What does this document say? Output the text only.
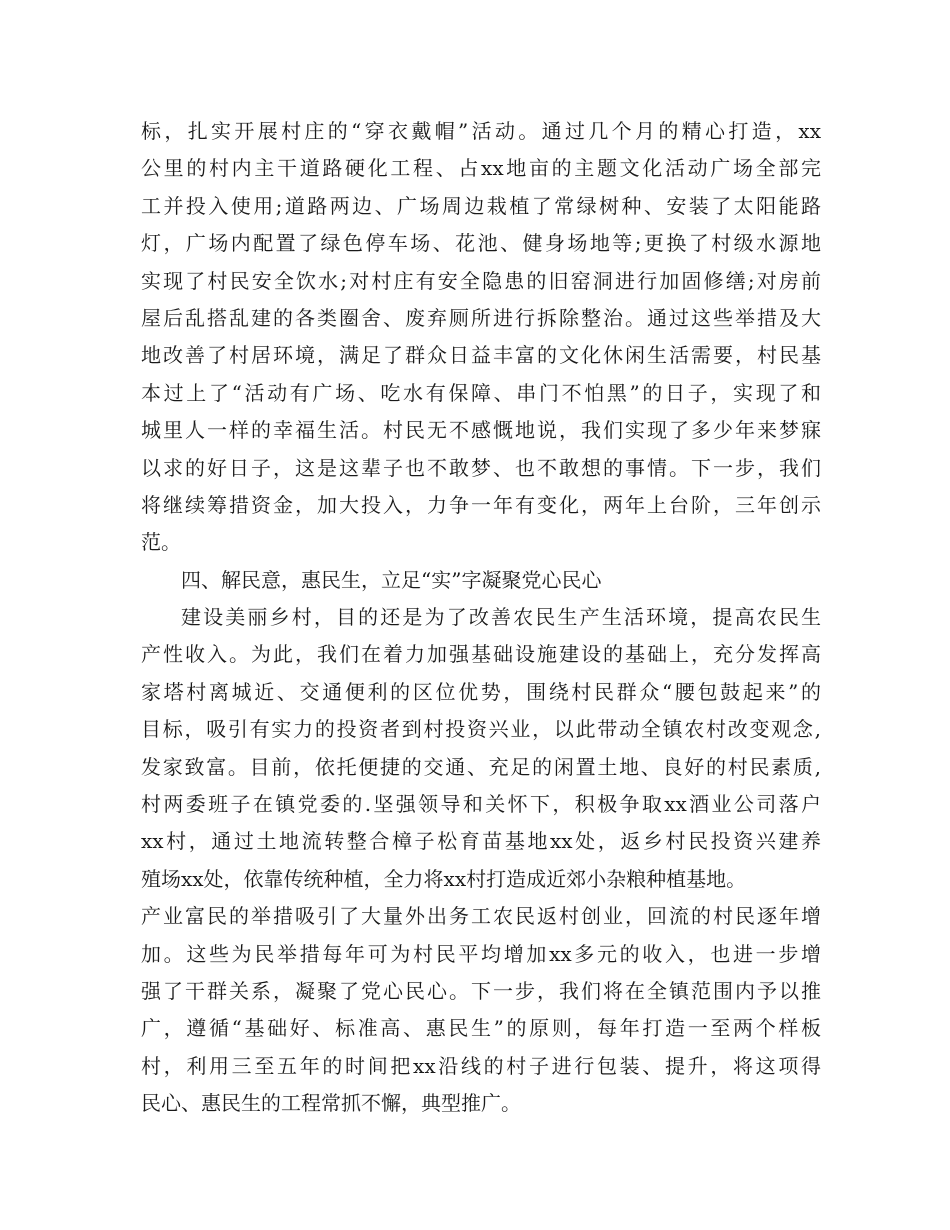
标，扎实开展村庄的“穿衣戴帽”活动。通过几个月的精心打造，xx
公里的村内主干道路硬化工程、占xx地亩的主题文化活动广场全部完
工并投入使用;道路两边、广场周边栽植了常绿树种、安装了太阳能路
灯，广场内配置了绿色停车场、花池、健身场地等;更换了村级水源地
实现了村民安全饮水;对村庄有安全隐患的旧窑洞进行加固修缮;对房前
屋后乱搭乱建的各类圈舍、废弃厕所进行拆除整治。通过这些举措及大
地改善了村居环境，满足了群众日益丰富的文化休闲生活需要，村民基
本过上了“活动有广场、吃水有保障、串门不怕黑”的日子，实现了和
城里人一样的幸福生活。村民无不感慨地说，我们实现了多少年来梦寐
以求的好日子，这是这辈子也不敢梦、也不敢想的事情。下一步，我们
将继续筹措资金，加大投入，力争一年有变化，两年上台阶，三年创示
范。
四、解民意，惠民生，立足“实”字凝聚党心民心
建设美丽乡村，目的还是为了改善农民生产生活环境，提高农民生
产性收入。为此，我们在着力加强基础设施建设的基础上，充分发挥高
家塔村离城近、交通便利的区位优势，围绕村民群众“腰包鼓起来”的
目标，吸引有实力的投资者到村投资兴业，以此带动全镇农村改变观念,
发家致富。目前，依托便捷的交通、充足的闲置土地、良好的村民素质,
村两委班子在镇党委的.坚强领导和关怀下，积极争取xx酒业公司落户
xx村，通过土地流转整合樟子松育苗基地xx处，返乡村民投资兴建养
殖场xx处，依靠传统种植，全力将xx村打造成近郊小杂粮种植基地。
产业富民的举措吸引了大量外出务工农民返村创业，回流的村民逐年增
加。这些为民举措每年可为村民平均增加xx多元的收入，也进一步增
强了干群关系，凝聚了党心民心。下一步，我们将在全镇范围内予以推
广，遵循“基础好、标准高、惠民生”的原则，每年打造一至两个样板
村，利用三至五年的时间把xx沿线的村子进行包装、提升，将这项得
民心、惠民生的工程常抓不懈，典型推广。
